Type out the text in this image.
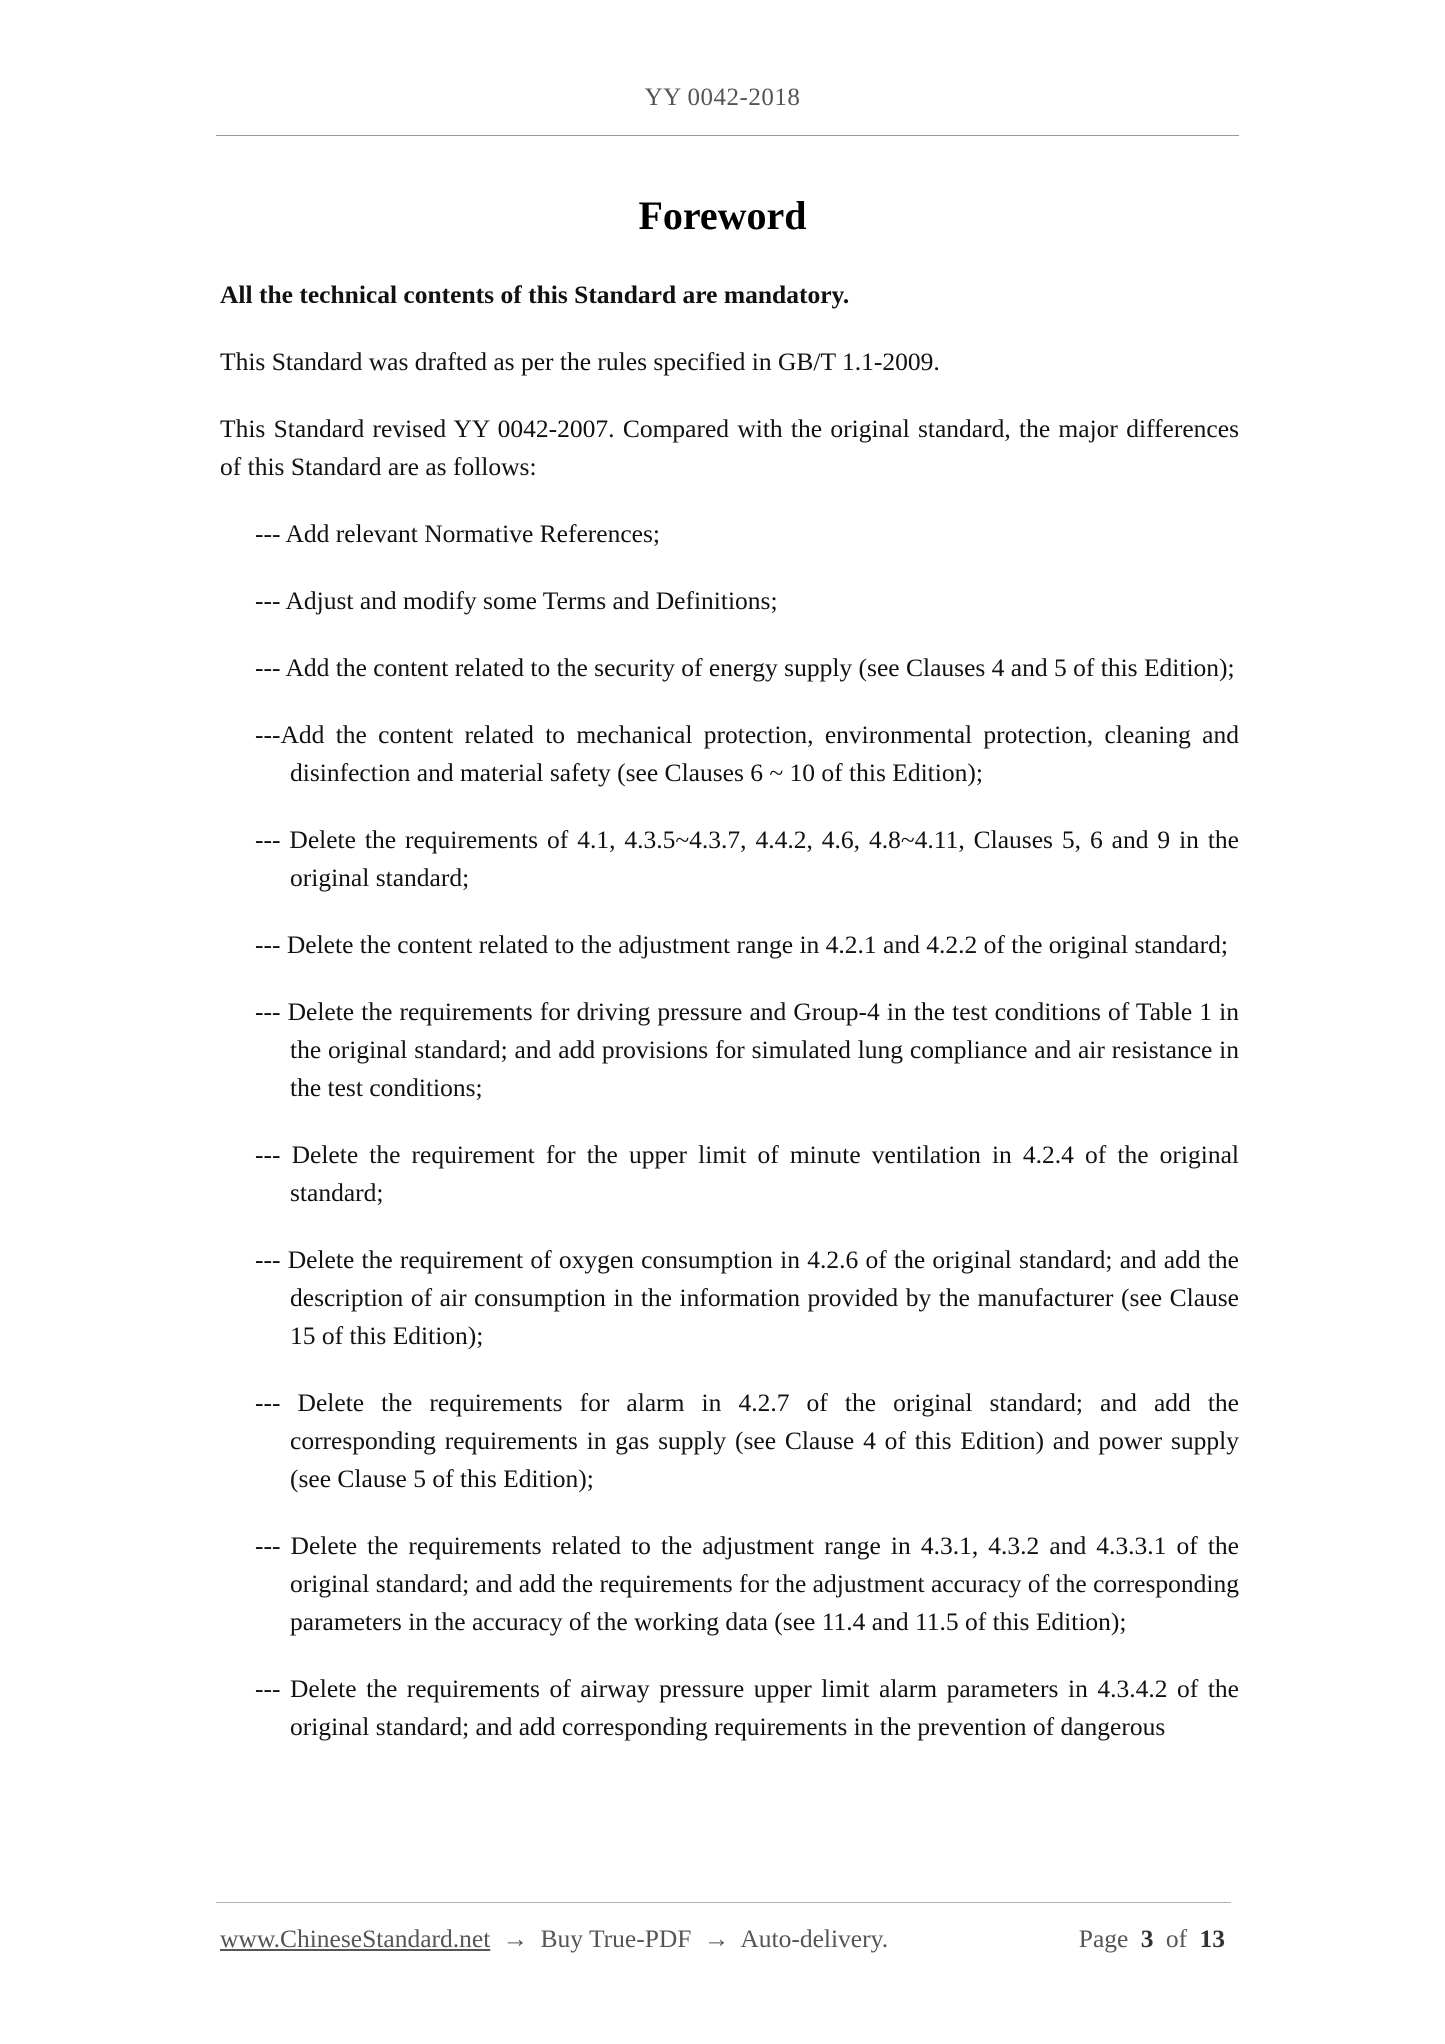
YY 0042-2018
Foreword

All the technical contents of this Standard are mandatory.

This Standard was drafted as per the rules specified in GB/T 1.1-2009.

This Standard revised YY 0042-2007. Compared with the original standard, the major differences of this Standard are as follows:

--- Add relevant Normative References;

--- Adjust and modify some Terms and Definitions;

--- Add the content related to the security of energy supply (see Clauses 4 and 5 of this Edition);

---Add the content related to mechanical protection, environmental protection, cleaning and disinfection and material safety (see Clauses 6 ~ 10 of this Edition);

--- Delete the requirements of 4.1, 4.3.5~4.3.7, 4.4.2, 4.6, 4.8~4.11, Clauses 5, 6 and 9 in the original standard;

--- Delete the content related to the adjustment range in 4.2.1 and 4.2.2 of the original standard;

--- Delete the requirements for driving pressure and Group-4 in the test conditions of Table 1 in the original standard; and add provisions for simulated lung compliance and air resistance in the test conditions;

--- Delete the requirement for the upper limit of minute ventilation in 4.2.4 of the original standard;

--- Delete the requirement of oxygen consumption in 4.2.6 of the original standard; and add the description of air consumption in the information provided by the manufacturer (see Clause 15 of this Edition);

--- Delete the requirements for alarm in 4.2.7 of the original standard; and add the corresponding requirements in gas supply (see Clause 4 of this Edition) and power supply (see Clause 5 of this Edition);

--- Delete the requirements related to the adjustment range in 4.3.1, 4.3.2 and 4.3.3.1 of the original standard; and add the requirements for the adjustment accuracy of the corresponding parameters in the accuracy of the working data (see 11.4 and 11.5 of this Edition);

--- Delete the requirements of airway pressure upper limit alarm parameters in 4.3.4.2 of the original standard; and add corresponding requirements in the prevention of dangerous

www.ChineseStandard.net → Buy True-PDF → Auto-delivery.	Page 3 of 13
